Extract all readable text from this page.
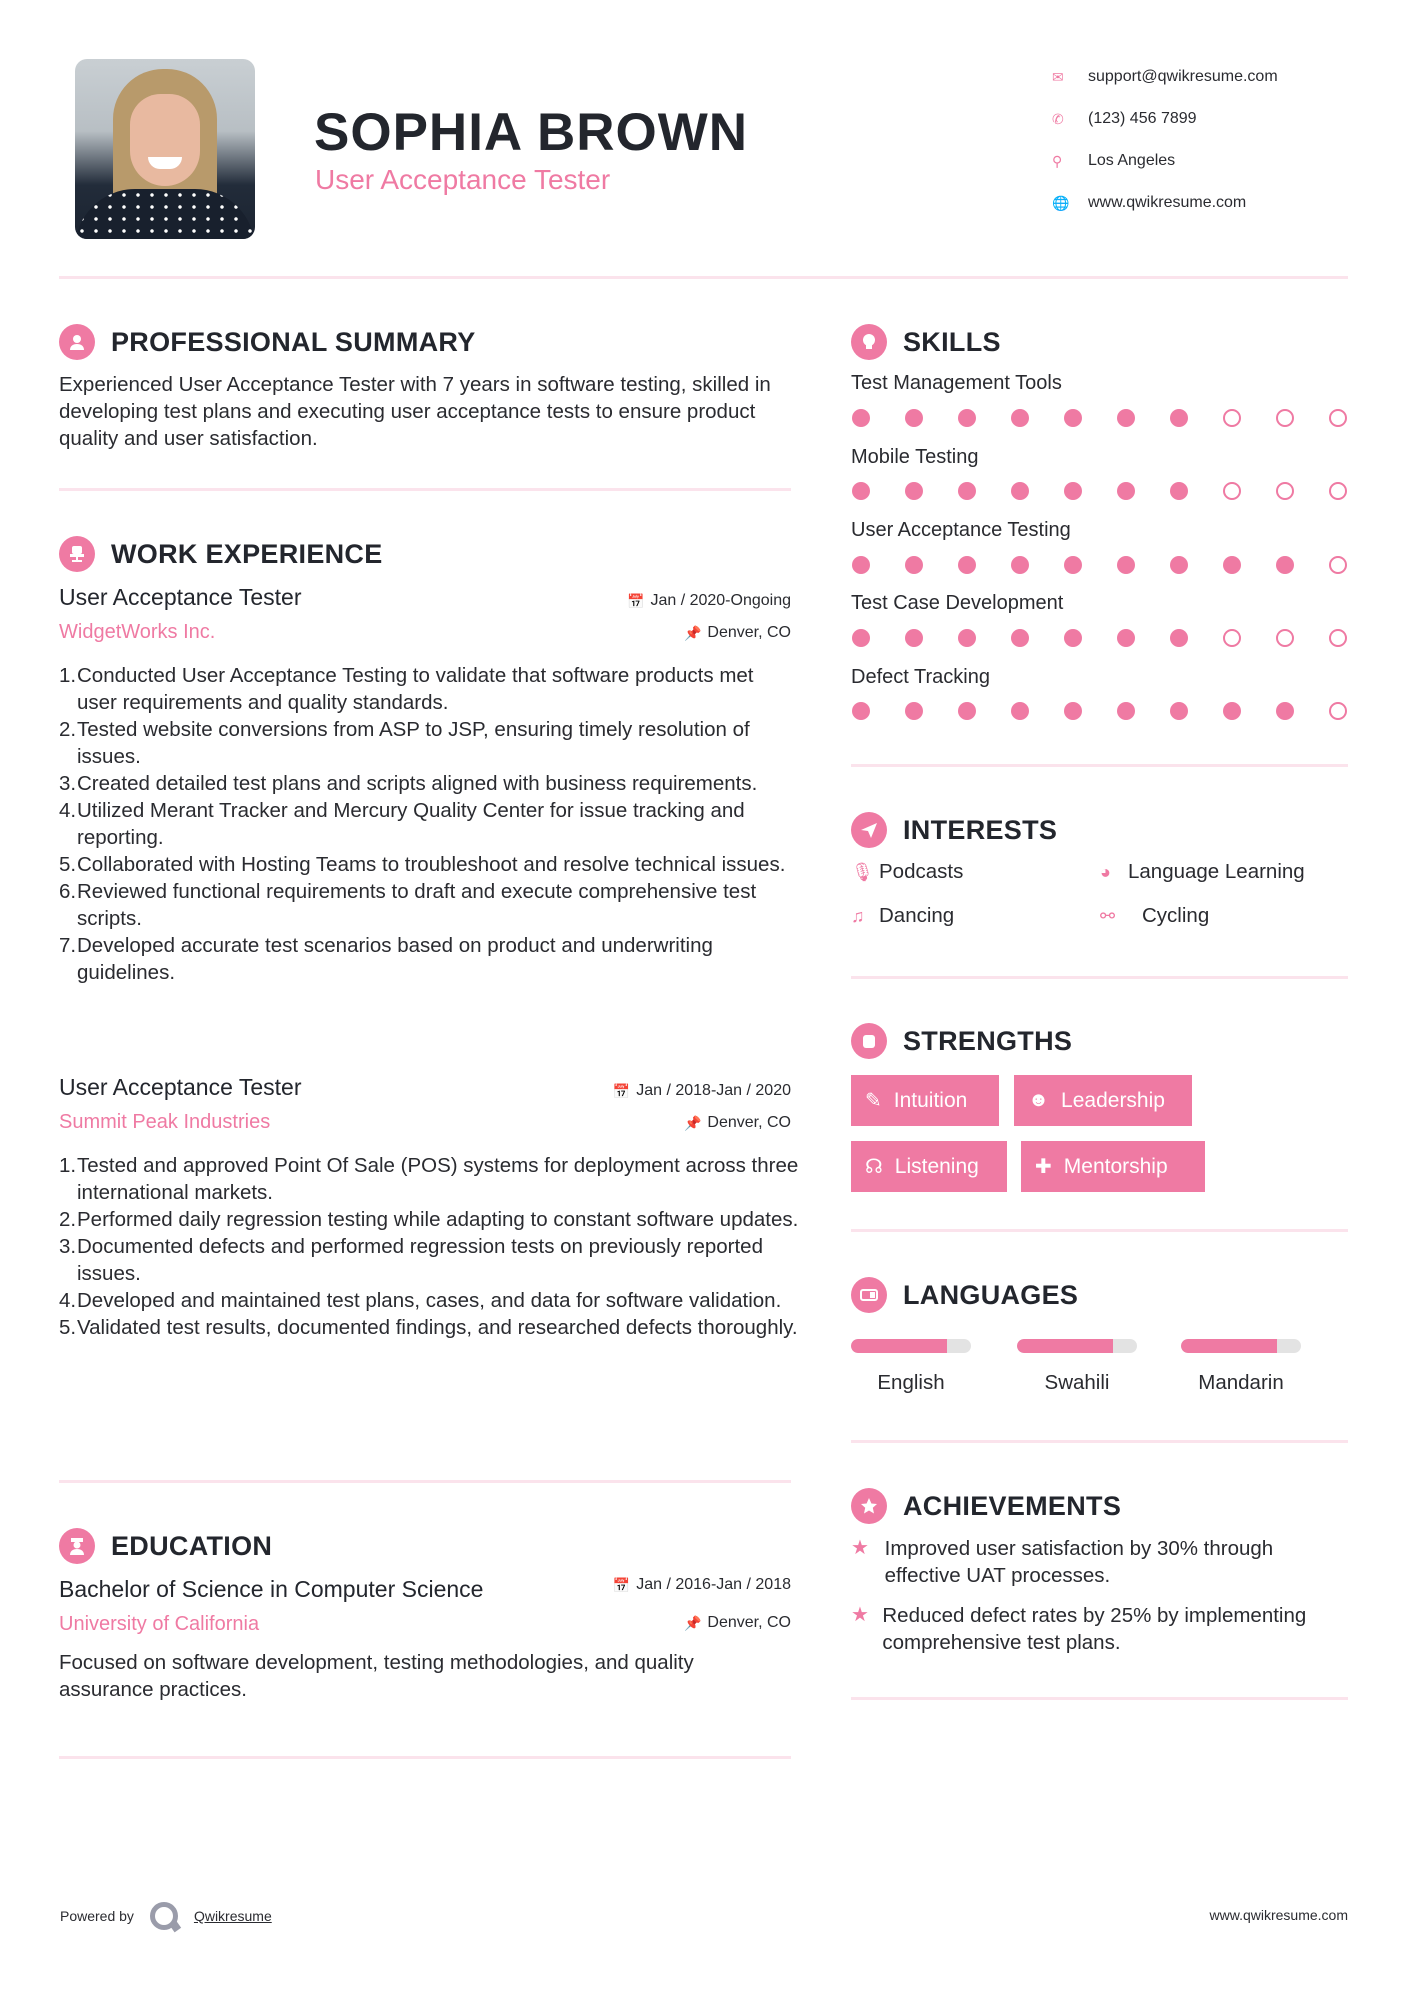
SOPHIA BROWN
User Acceptance Tester
✉	support@qwikresume.com
✆	(123) 456 7899
⚲	Los Angeles
🌐	www.qwikresume.com
PROFESSIONAL SUMMARY
Experienced User Acceptance Tester with 7 years in software testing, skilled in developing test plans and executing user acceptance tests to ensure product quality and user satisfaction.
WORK EXPERIENCE
User Acceptance Tester	📅 Jan / 2020-Ongoing
WidgetWorks Inc.	📌 Denver, CO
Conducted User Acceptance Testing to validate that software products met user requirements and quality standards.
Tested website conversions from ASP to JSP, ensuring timely resolution of issues.
Created detailed test plans and scripts aligned with business requirements.
Utilized Merant Tracker and Mercury Quality Center for issue tracking and reporting.
Collaborated with Hosting Teams to troubleshoot and resolve technical issues.
Reviewed functional requirements to draft and execute comprehensive test scripts.
Developed accurate test scenarios based on product and underwriting guidelines.
User Acceptance Tester	📅 Jan / 2018-Jan / 2020
Summit Peak Industries	📌 Denver, CO
Tested and approved Point Of Sale (POS) systems for deployment across three international markets.
Performed daily regression testing while adapting to constant software updates.
Documented defects and performed regression tests on previously reported issues.
Developed and maintained test plans, cases, and data for software validation.
Validated test results, documented findings, and researched defects thoroughly.
EDUCATION
Bachelor of Science in Computer Science	📅 Jan / 2016-Jan / 2018
University of California	📌 Denver, CO
Focused on software development, testing methodologies, and quality assurance practices.
SKILLS
Test Management Tools
Mobile Testing
User Acceptance Testing
Test Case Development
Defect Tracking
INTERESTS
🎙 Podcasts	◕ Language Learning
♫ Dancing	⚯	Cycling
STRENGTHS
✎ Intuition	☻ Leadership
☊ Listening	✚ Mentorship
LANGUAGES
English	Swahili	Mandarin
ACHIEVEMENTS
★ Improved user satisfaction by 30% through effective UAT processes.
★ Reduced defect rates by 25% by implementing comprehensive test plans.
Powered by	Qwikresume	www.qwikresume.com
